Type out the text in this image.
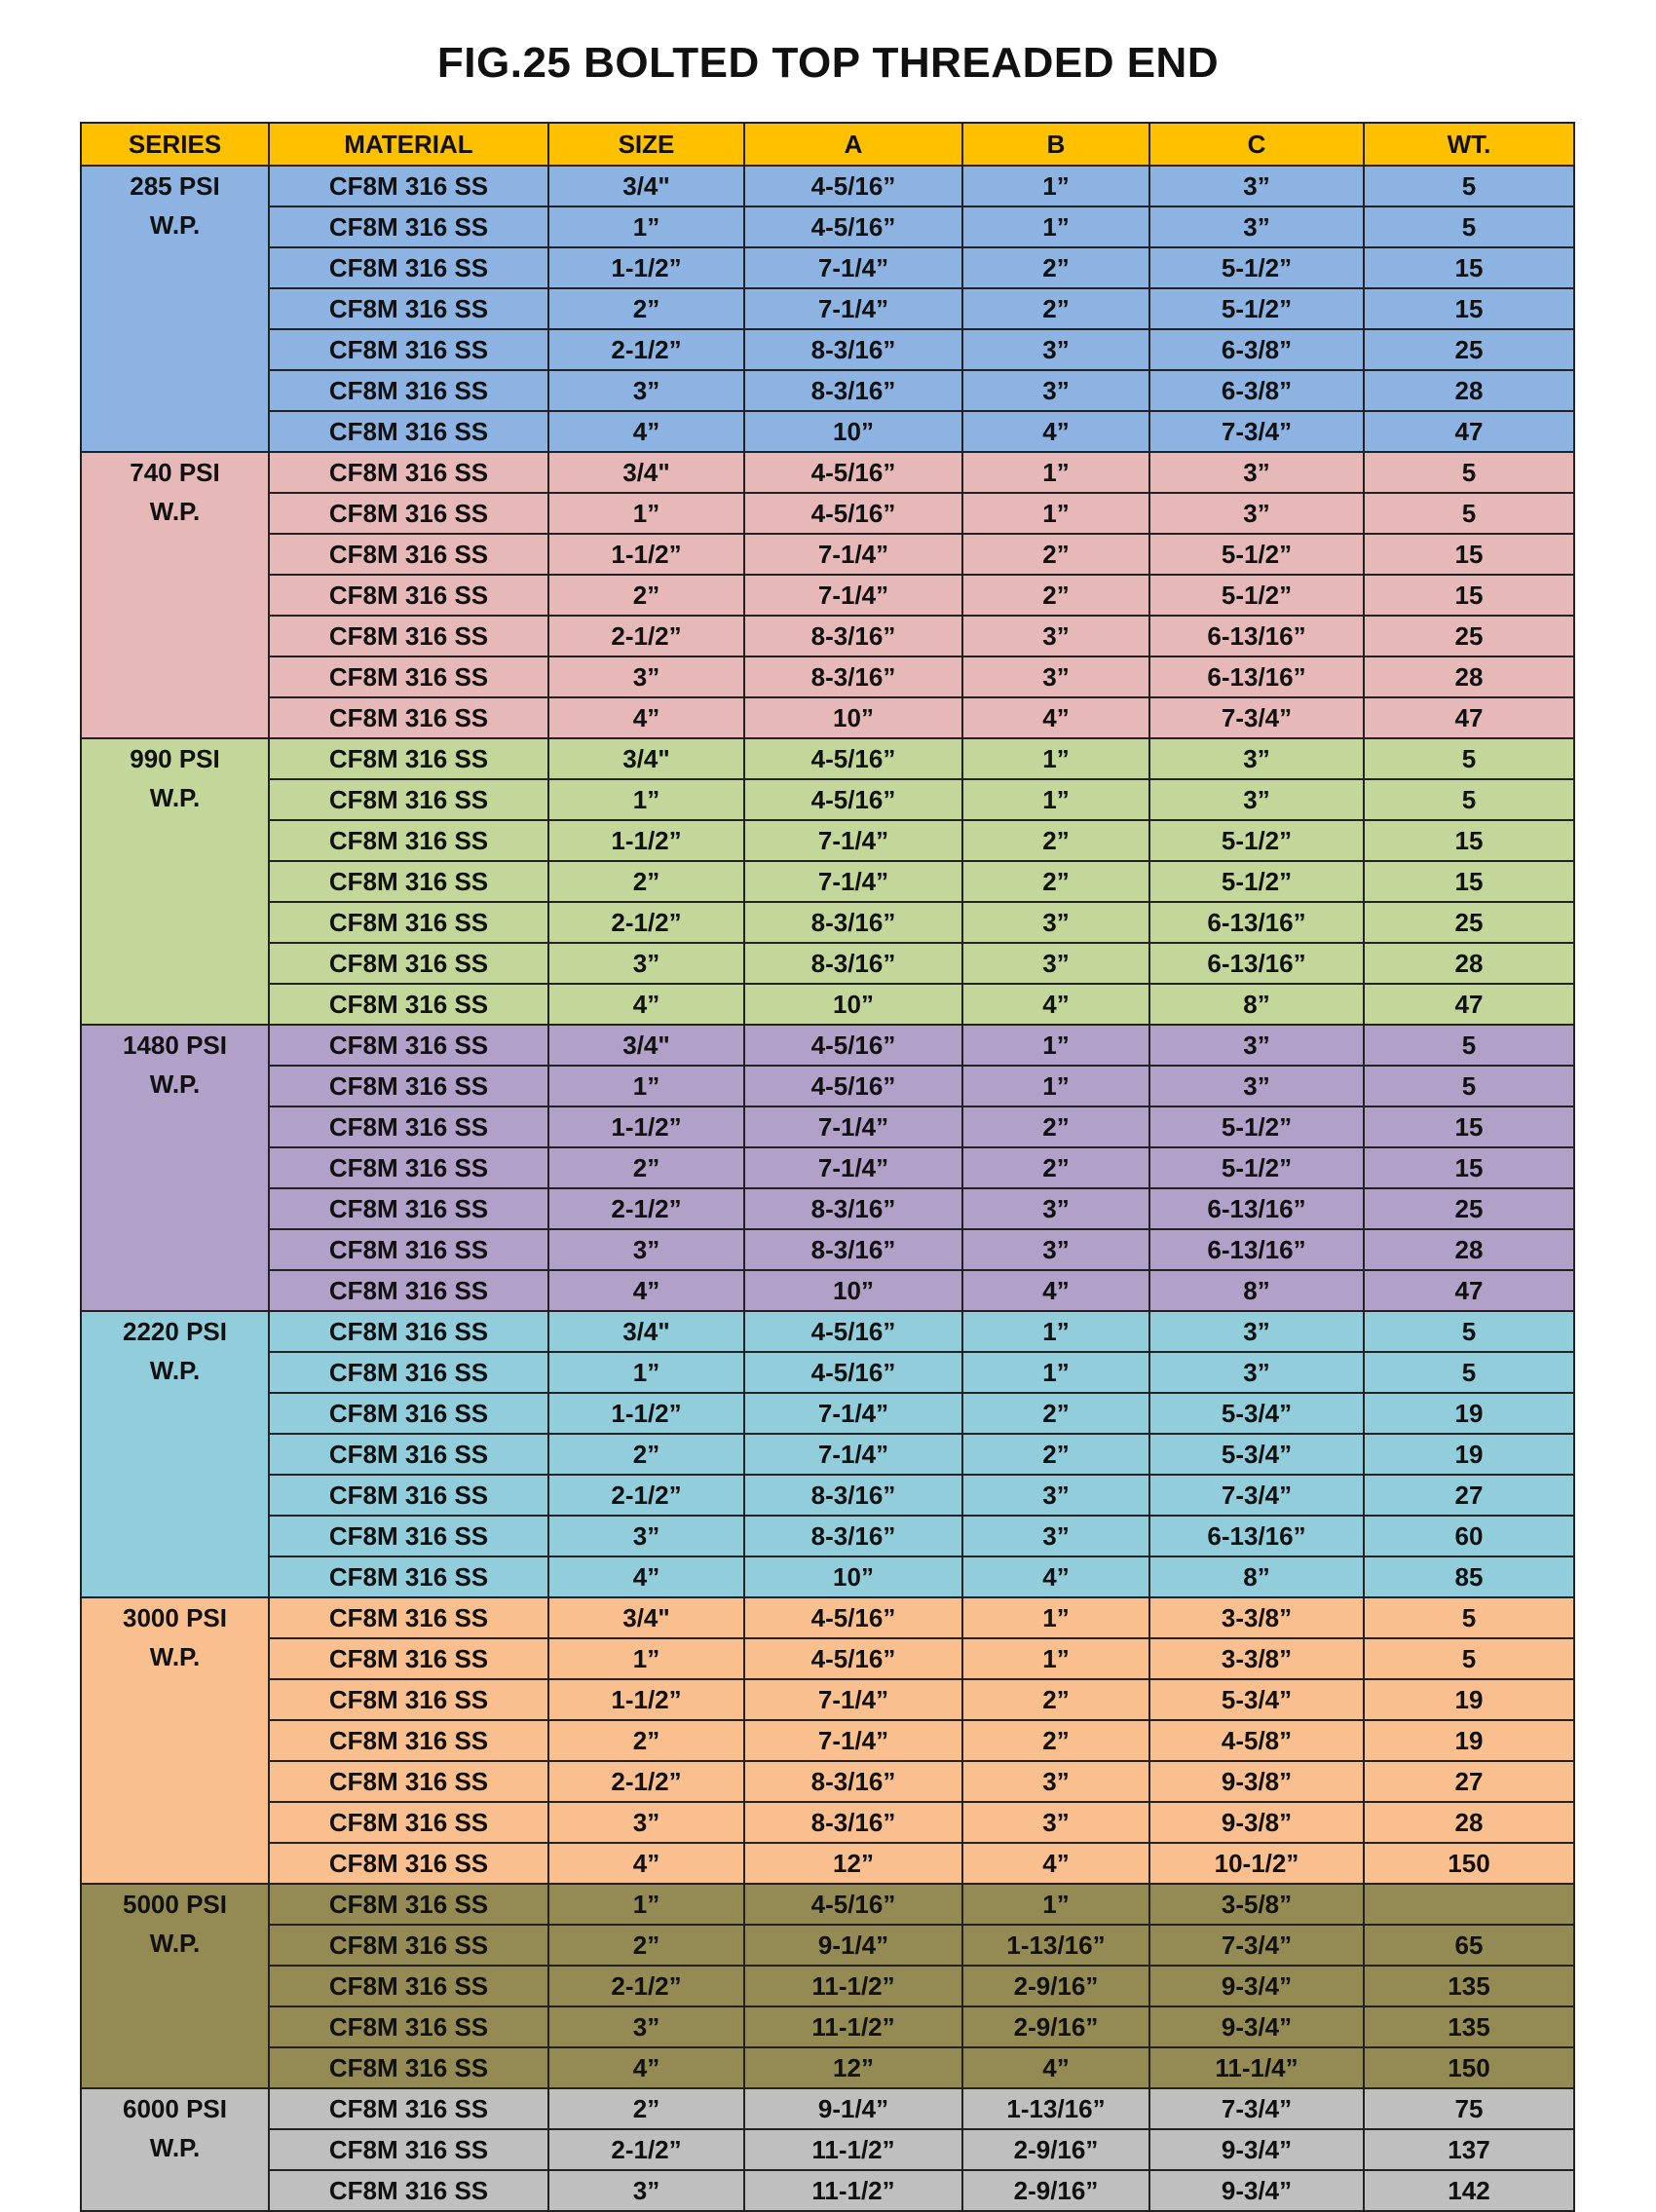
FIG.25 BOLTED TOP THREADED END
SERIES	MATERIAL	SIZE	A	B	C	WT.

285 PSI
W.P.	CF8M 316 SS	3/4"	4-5/16”	1”	3”	5
	CF8M 316 SS	1”	4-5/16”	1”	3”	5
	CF8M 316 SS	1-1/2”	7-1/4”	2”	5-1/2”	15
	CF8M 316 SS	2”	7-1/4”	2”	5-1/2”	15
	CF8M 316 SS	2-1/2”	8-3/16”	3”	6-3/8”	25
	CF8M 316 SS	3”	8-3/16”	3”	6-3/8”	28
	CF8M 316 SS	4”	10”	4”	7-3/4”	47

740 PSI
W.P.	CF8M 316 SS	3/4"	4-5/16”	1”	3”	5
	CF8M 316 SS	1”	4-5/16”	1”	3”	5
	CF8M 316 SS	1-1/2”	7-1/4”	2”	5-1/2”	15
	CF8M 316 SS	2”	7-1/4”	2”	5-1/2”	15
	CF8M 316 SS	2-1/2”	8-3/16”	3”	6-13/16”	25
	CF8M 316 SS	3”	8-3/16”	3”	6-13/16”	28
	CF8M 316 SS	4”	10”	4”	7-3/4”	47

990 PSI
W.P.	CF8M 316 SS	3/4"	4-5/16”	1”	3”	5
	CF8M 316 SS	1”	4-5/16”	1”	3”	5
	CF8M 316 SS	1-1/2”	7-1/4”	2”	5-1/2”	15
	CF8M 316 SS	2”	7-1/4”	2”	5-1/2”	15
	CF8M 316 SS	2-1/2”	8-3/16”	3”	6-13/16”	25
	CF8M 316 SS	3”	8-3/16”	3”	6-13/16”	28
	CF8M 316 SS	4”	10”	4”	8”	47

1480 PSI
W.P.	CF8M 316 SS	3/4"	4-5/16”	1”	3”	5
	CF8M 316 SS	1”	4-5/16”	1”	3”	5
	CF8M 316 SS	1-1/2”	7-1/4”	2”	5-1/2”	15
	CF8M 316 SS	2”	7-1/4”	2”	5-1/2”	15
	CF8M 316 SS	2-1/2”	8-3/16”	3”	6-13/16”	25
	CF8M 316 SS	3”	8-3/16”	3”	6-13/16”	28
	CF8M 316 SS	4”	10”	4”	8”	47

2220 PSI
W.P.	CF8M 316 SS	3/4"	4-5/16”	1”	3”	5
	CF8M 316 SS	1”	4-5/16”	1”	3”	5
	CF8M 316 SS	1-1/2”	7-1/4”	2”	5-3/4”	19
	CF8M 316 SS	2”	7-1/4”	2”	5-3/4”	19
	CF8M 316 SS	2-1/2”	8-3/16”	3”	7-3/4”	27
	CF8M 316 SS	3”	8-3/16”	3”	6-13/16”	60
	CF8M 316 SS	4”	10”	4”	8”	85

3000 PSI
W.P.	CF8M 316 SS	3/4"	4-5/16”	1”	3-3/8”	5
	CF8M 316 SS	1”	4-5/16”	1”	3-3/8”	5
	CF8M 316 SS	1-1/2”	7-1/4”	2”	5-3/4”	19
	CF8M 316 SS	2”	7-1/4”	2”	4-5/8”	19
	CF8M 316 SS	2-1/2”	8-3/16”	3”	9-3/8”	27
	CF8M 316 SS	3”	8-3/16”	3”	9-3/8”	28
	CF8M 316 SS	4”	12”	4”	10-1/2”	150

5000 PSI
W.P.	CF8M 316 SS	1”	4-5/16”	1”	3-5/8”	
	CF8M 316 SS	2”	9-1/4”	1-13/16”	7-3/4”	65
	CF8M 316 SS	2-1/2”	11-1/2”	2-9/16”	9-3/4”	135
	CF8M 316 SS	3”	11-1/2”	2-9/16”	9-3/4”	135
	CF8M 316 SS	4”	12”	4”	11-1/4”	150

6000 PSI
W.P.	CF8M 316 SS	2”	9-1/4”	1-13/16”	7-3/4”	75
	CF8M 316 SS	2-1/2”	11-1/2”	2-9/16”	9-3/4”	137
	CF8M 316 SS	3”	11-1/2”	2-9/16”	9-3/4”	142
